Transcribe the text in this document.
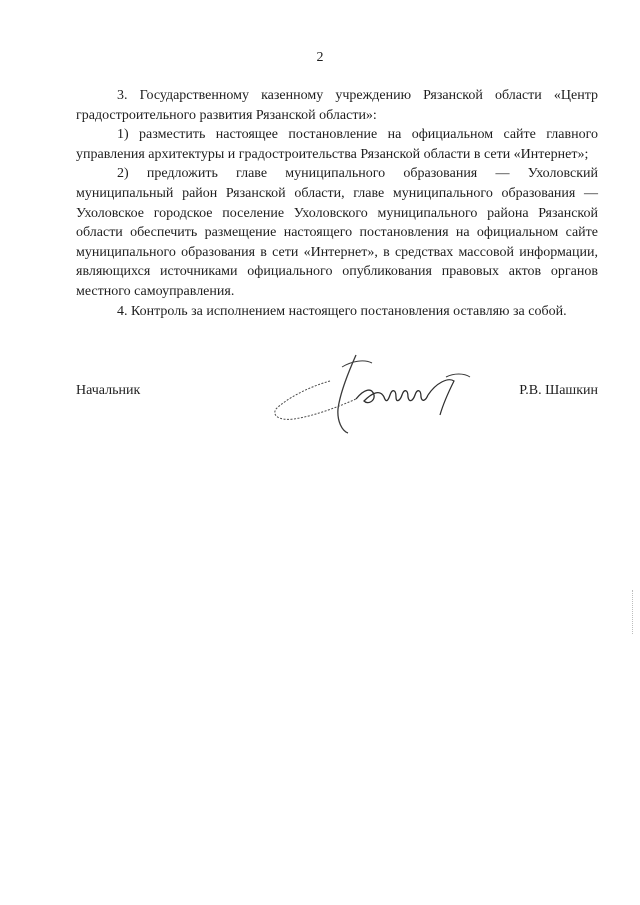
2

3. Государственному казенному учреждению Рязанской области «Центр градостроительного развития Рязанской области»:

1) разместить настоящее постановление на официальном сайте главного управления архитектуры и градостроительства Рязанской области в сети «Интернет»;

2) предложить главе муниципального образования — Ухоловский муниципальный район Рязанской области, главе муниципального образования — Ухоловское городское поселение Ухоловского муниципального района Рязанской области обеспечить размещение настоящего постановления на официальном сайте муниципального образования в сети «Интернет», в средствах массовой информации, являющихся источниками официального опубликования правовых актов органов местного самоуправления.

4. Контроль за исполнением настоящего постановления оставляю за собой.

Начальник	Р.В. Шашкин
